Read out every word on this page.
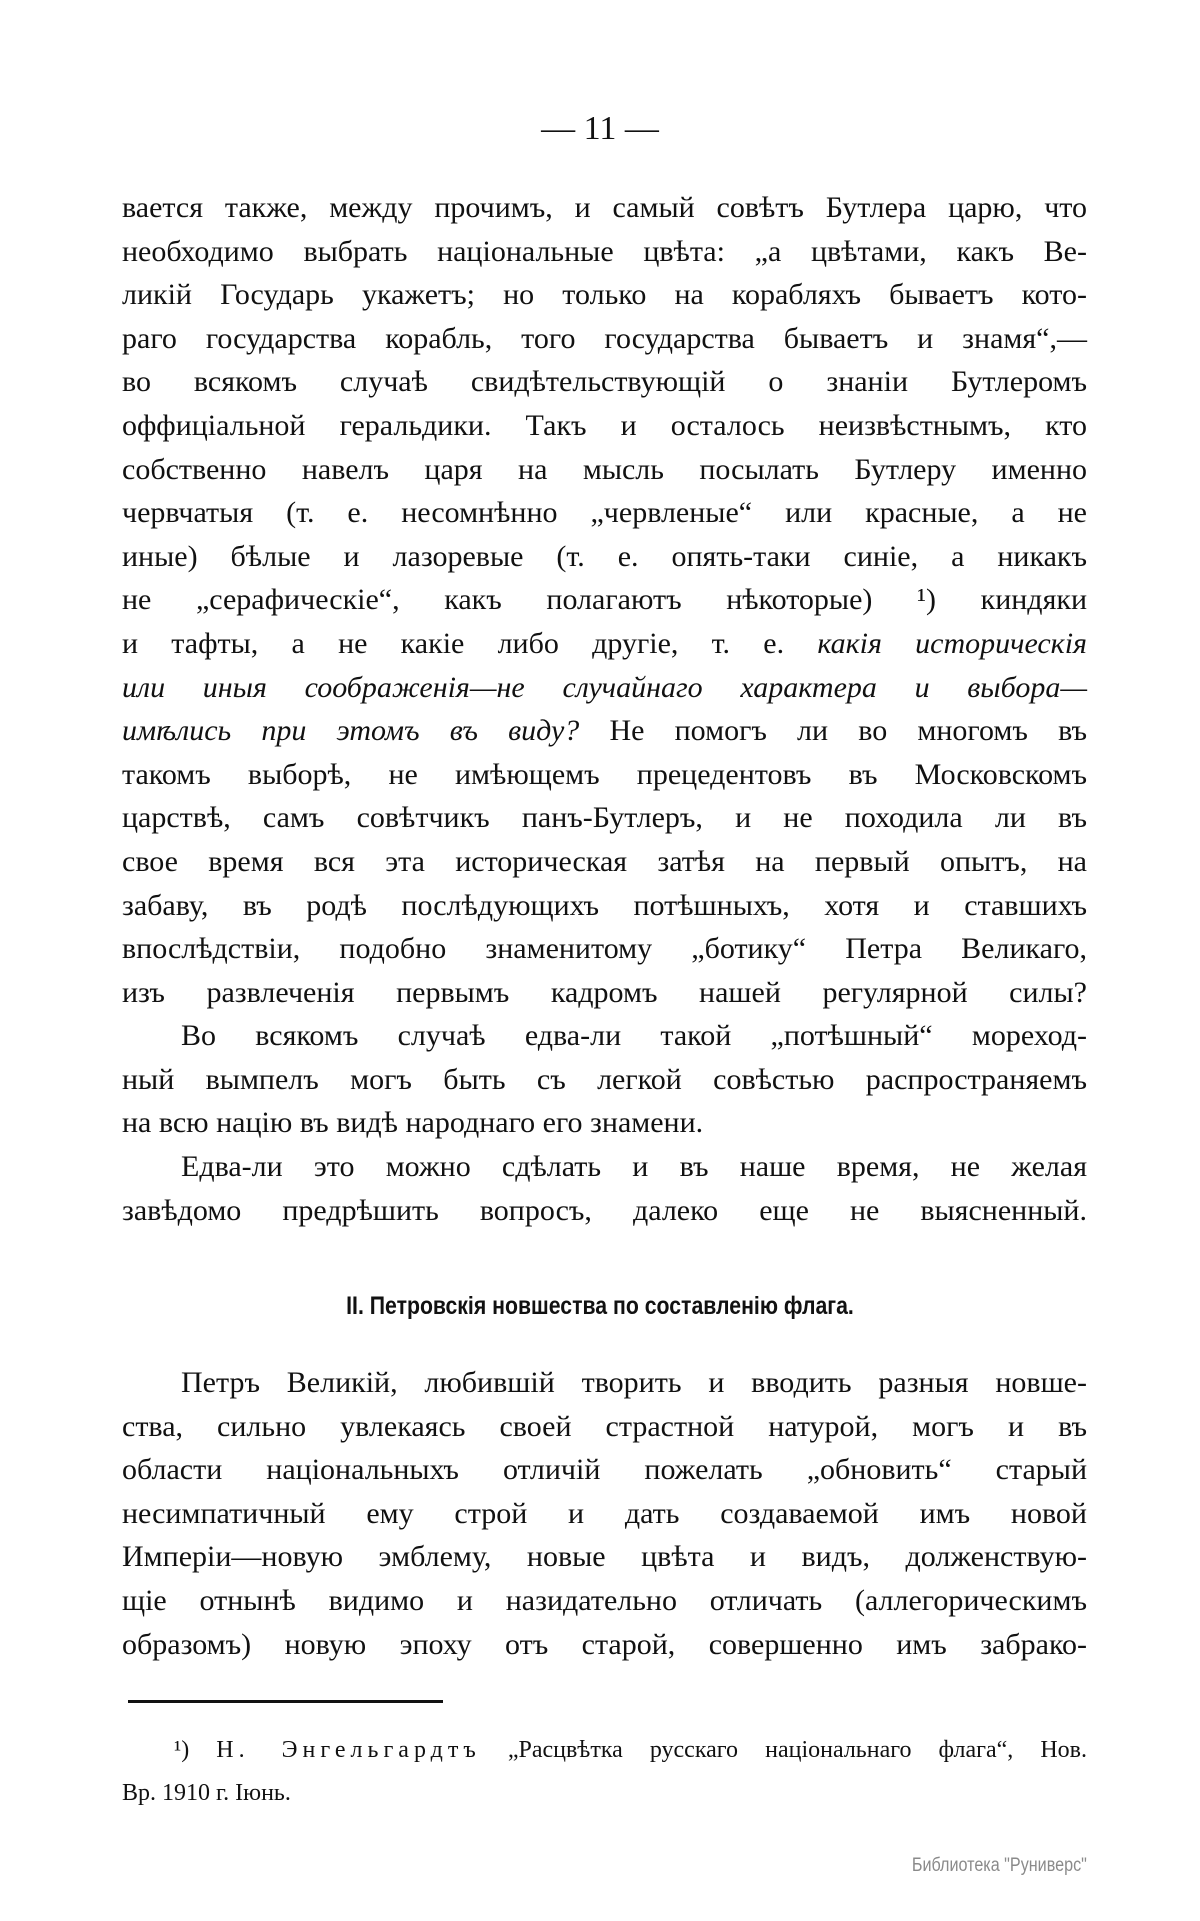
— 11 —
вается также, между прочимъ, и самый совѣтъ Бутлера царю, что
необходимо выбрать національные цвѣта: „а цвѣтами, какъ Ве-
ликій Государь укажетъ; но только на корабляхъ бываетъ кото-
раго государства корабль, того государства бываетъ и знамя“,—
во всякомъ случаѣ свидѣтельствующій о знаніи Бутлеромъ
оффиціальной геральдики. Такъ и осталось неизвѣстнымъ, кто
собственно навелъ царя на мысль посылать Бутлеру именно
червчатыя (т. е. несомнѣнно „червленые“ или красные, а не
иные) бѣлые и лазоревые (т. е. опять-таки синіе, а никакъ
не „серафическіе“, какъ полагаютъ нѣкоторые) ¹) киндяки
и тафты, а не какіе либо другіе, т. е. какія историческія
или иныя соображенія—не случайнаго характера и выбора—
имѣлись при этомъ въ виду? Не помогъ ли во многомъ въ
такомъ выборѣ, не имѣющемъ прецедентовъ въ Московскомъ
царствѣ, самъ совѣтчикъ панъ-Бутлеръ, и не походила ли въ
свое время вся эта историческая затѣя на первый опытъ, на
забаву, въ родѣ послѣдующихъ потѣшныхъ, хотя и ставшихъ
впослѣдствіи, подобно знаменитому „ботику“ Петра Великаго,
изъ развлеченія первымъ кадромъ нашей регулярной силы?
Во всякомъ случаѣ едва-ли такой „потѣшный“ мореход-
ный вымпелъ могъ быть съ легкой совѣстью распространяемъ
на всю націю въ видѣ народнаго его знамени.
Едва-ли это можно сдѣлать и въ наше время, не желая
завѣдомо предрѣшить вопросъ, далеко еще не выясненный.
II. Петровскія новшества по составленію флага.
Петръ Великій, любившій творить и вводить разныя новше-
ства, сильно увлекаясь своей страстной натурой, могъ и въ
области національныхъ отличій пожелать „обновить“ старый
несимпатичный ему строй и дать создаваемой имъ новой
Имперіи—новую эмблему, новые цвѣта и видъ, долженствую-
щіе отнынѣ видимо и назидательно отличать (аллегорическимъ
образомъ) новую эпоху отъ старой, совершенно имъ забрако-
¹) Н. Энгельгардтъ „Расцвѣтка русскаго національнаго флага“, Нов.
Вр. 1910 г. Іюнь.
Библиотека "Руниверс"
